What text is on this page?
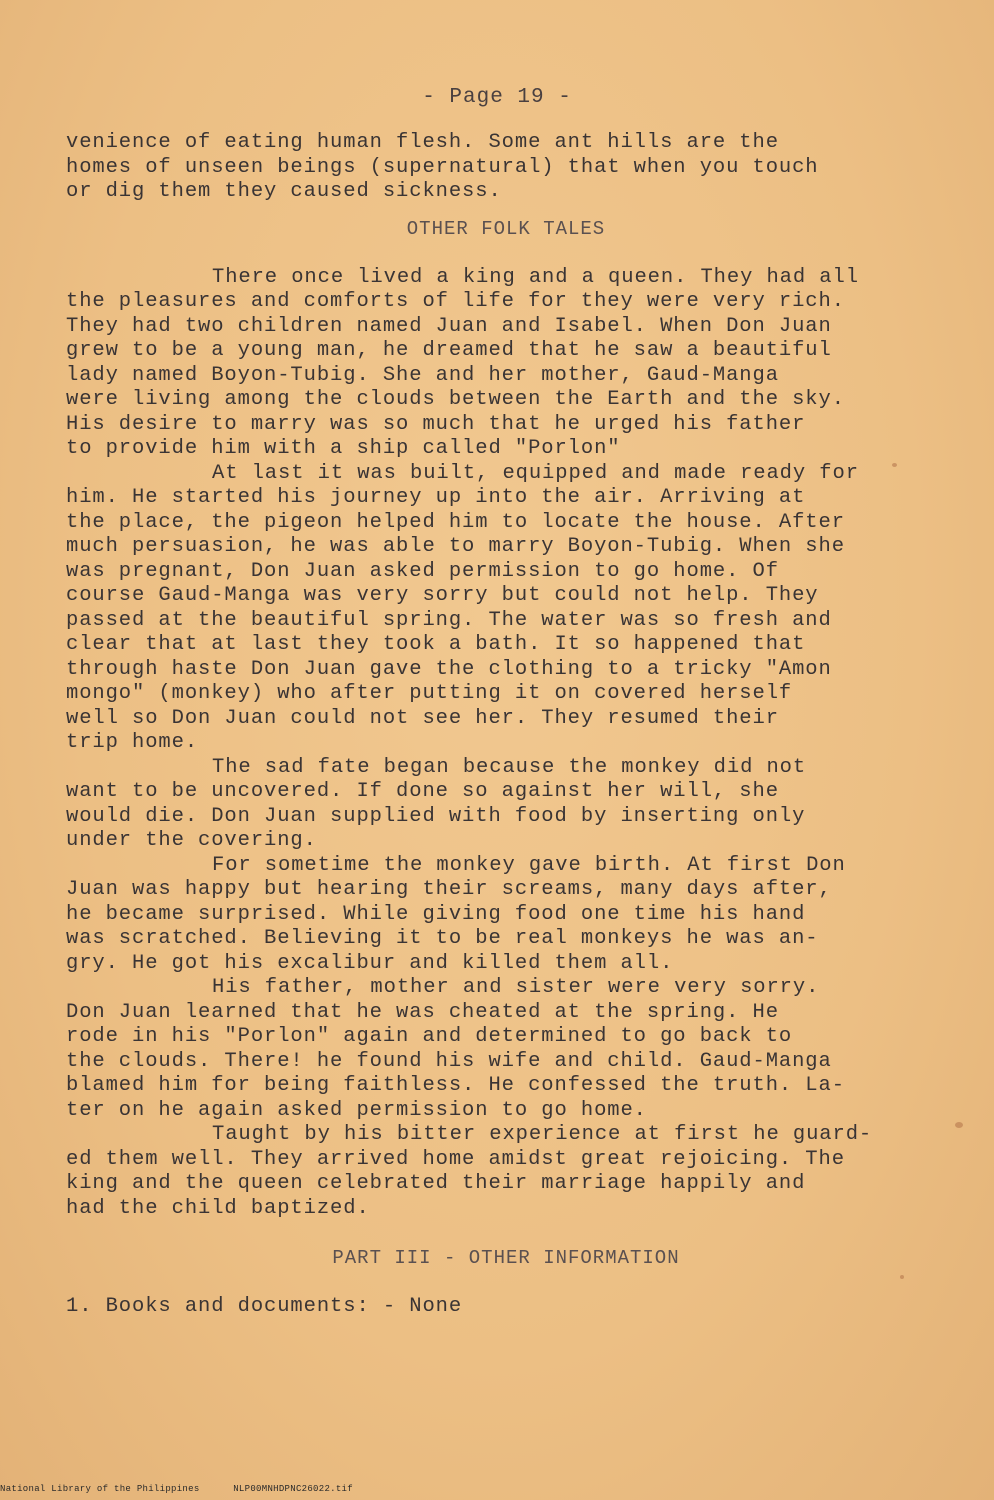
- Page 19 -
venience of eating human flesh. Some ant hills are the
homes of unseen beings (supernatural) that when you touch
or dig them they caused sickness.
OTHER FOLK TALES
There once lived a king and a queen. They had all
the pleasures and comforts of life for they were very rich.
They had two children named Juan and Isabel. When Don Juan
grew to be a young man, he dreamed that he saw a beautiful
lady named Boyon-Tubig. She and her mother, Gaud-Manga
were living among the clouds between the Earth and the sky.
His desire to marry was so much that he urged his father
to provide him with a ship called "Porlon"
At last it was built, equipped and made ready for
him. He started his journey up into the air. Arriving at
the place, the pigeon helped him to locate the house. After
much persuasion, he was able to marry Boyon-Tubig. When she
was pregnant, Don Juan asked permission to go home. Of
course Gaud-Manga was very sorry but could not help. They
passed at the beautiful spring. The water was so fresh and
clear that at last they took a bath. It so happened that
through haste Don Juan gave the clothing to a tricky "Amon
mongo" (monkey) who after putting it on covered herself
well so Don Juan could not see her. They resumed their
trip home.
The sad fate began because the monkey did not
want to be uncovered. If done so against her will, she
would die. Don Juan supplied with food by inserting only
under the covering.
For sometime the monkey gave birth. At first Don
Juan was happy but hearing their screams, many days after,
he became surprised. While giving food one time his hand
was scratched. Believing it to be real monkeys he was an-
gry. He got his excalibur and killed them all.
His father, mother and sister were very sorry.
Don Juan learned that he was cheated at the spring. He
rode in his "Porlon" again and determined to go back to
the clouds. There! he found his wife and child. Gaud-Manga
blamed him for being faithless. He confessed the truth. La-
ter on he again asked permission to go home.
Taught by his bitter experience at first he guard-
ed them well. They arrived home amidst great rejoicing. The
king and the queen celebrated their marriage happily and
had the child baptized.
PART III - OTHER INFORMATION
1. Books and documents: - None
National Library of the Philippines	NLP00MNHDPNC26022.tif
